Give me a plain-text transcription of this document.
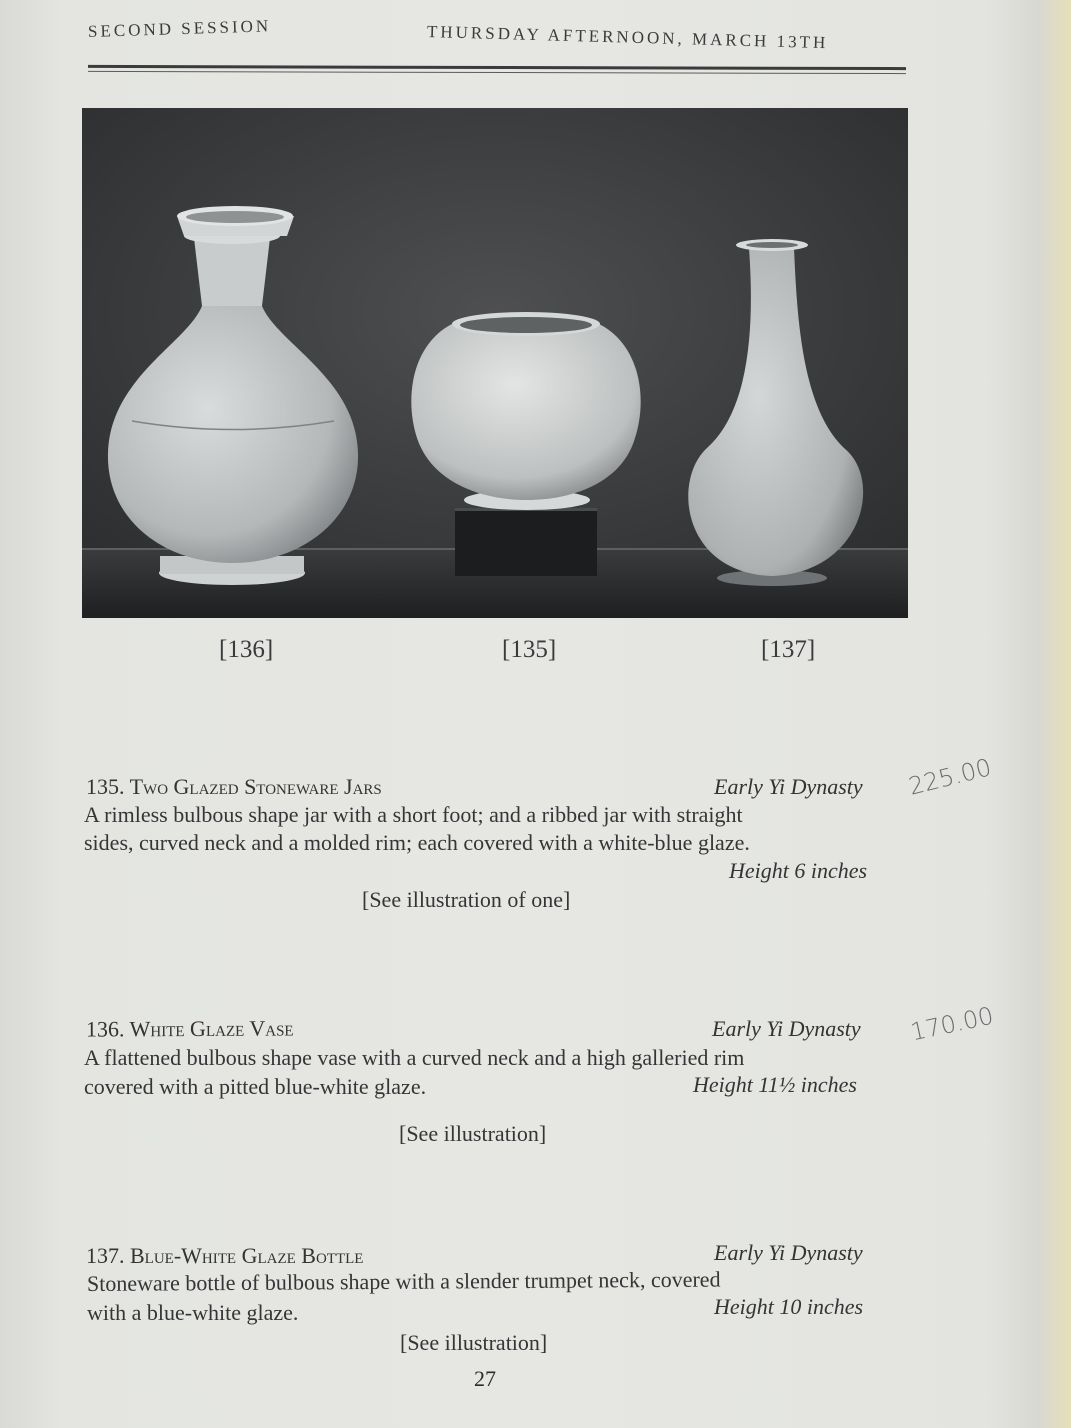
SECOND SESSION	THURSDAY AFTERNOON, MARCH 13TH
[136]	[135]	[137]
135. Two Glazed Stoneware Jars	Early Yi Dynasty
A rimless bulbous shape jar with a short foot; and a ribbed jar with straight
sides, curved neck and a molded rim; each covered with a white-blue glaze.
Height 6 inches
[See illustration of one]
225.00
136. White Glaze Vase	Early Yi Dynasty
A flattened bulbous shape vase with a curved neck and a high galleried rim
covered with a pitted blue-white glaze.	Height 11½ inches
[See illustration]
170.00
137. Blue-White Glaze Bottle	Early Yi Dynasty
Stoneware bottle of bulbous shape with a slender trumpet neck, covered
with a blue-white glaze.	Height 10 inches
[See illustration]
27
